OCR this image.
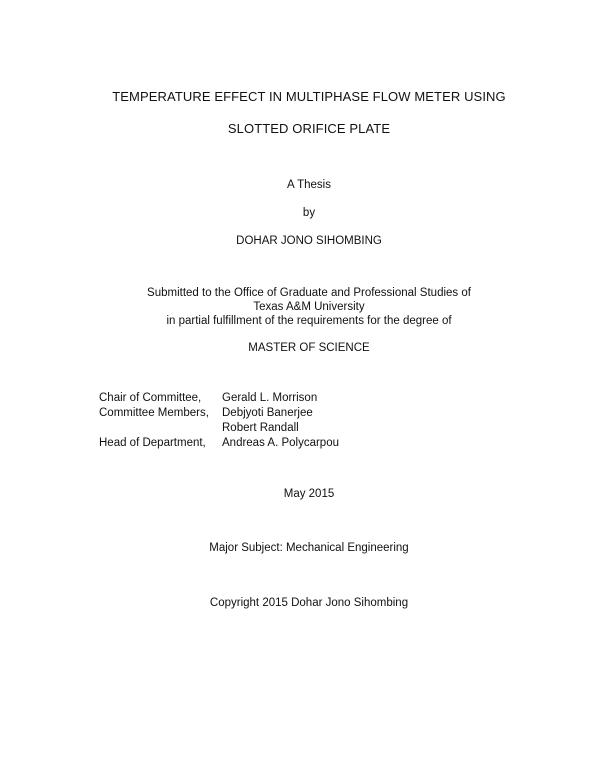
TEMPERATURE EFFECT IN MULTIPHASE FLOW METER USING
SLOTTED ORIFICE PLATE
A Thesis
by
DOHAR JONO SIHOMBING
Submitted to the Office of Graduate and Professional Studies of
Texas A&M University
in partial fulfillment of the requirements for the degree of
MASTER OF SCIENCE
Chair of Committee, Gerald L. Morrison
Committee Members, Debjyoti Banerjee
Robert Randall
Head of Department, Andreas A. Polycarpou
May 2015
Major Subject: Mechanical Engineering
Copyright 2015 Dohar Jono Sihombing
